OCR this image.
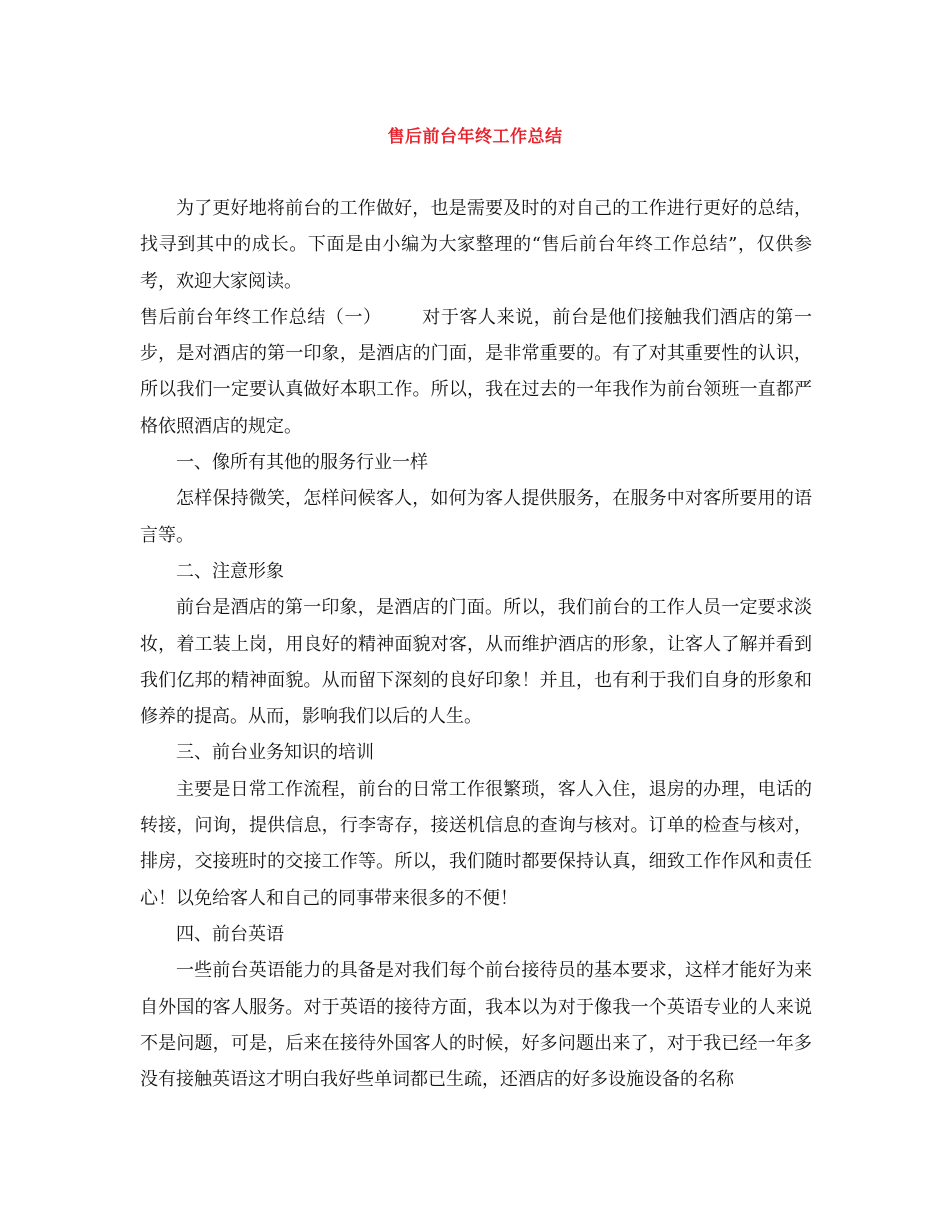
售后前台年终工作总结

为了更好地将前台的工作做好，也是需要及时的对自己的工作进行更好的总结，找寻到其中的成长。下面是由小编为大家整理的“售后前台年终工作总结”，仅供参考，欢迎大家阅读。

售后前台年终工作总结（一） 对于客人来说，前台是他们接触我们酒店的第一步，是对酒店的第一印象，是酒店的门面，是非常重要的。有了对其重要性的认识，所以我们一定要认真做好本职工作。所以，我在过去的一年我作为前台领班一直都严格依照酒店的规定。

一、像所有其他的服务行业一样

怎样保持微笑，怎样问候客人，如何为客人提供服务，在服务中对客所要用的语言等。

二、注意形象

前台是酒店的第一印象，是酒店的门面。所以，我们前台的工作人员一定要求淡妆，着工装上岗，用良好的精神面貌对客，从而维护酒店的形象，让客人了解并看到我们亿邦的精神面貌。从而留下深刻的良好印象！并且，也有利于我们自身的形象和修养的提高。从而，影响我们以后的人生。

三、前台业务知识的培训

主要是日常工作流程，前台的日常工作很繁琐，客人入住，退房的办理，电话的转接，问询，提供信息，行李寄存，接送机信息的查询与核对。订单的检查与核对，排房，交接班时的交接工作等。所以，我们随时都要保持认真，细致工作作风和责任心！以免给客人和自己的同事带来很多的不便！

四、前台英语

一些前台英语能力的具备是对我们每个前台接待员的基本要求，这样才能好为来自外国的客人服务。对于英语的接待方面，我本以为对于像我一个英语专业的人来说不是问题，可是，后来在接待外国客人的时候，好多问题出来了，对于我已经一年多没有接触英语这才明白我好些单词都已生疏，还酒店的好多设施设备的名称
